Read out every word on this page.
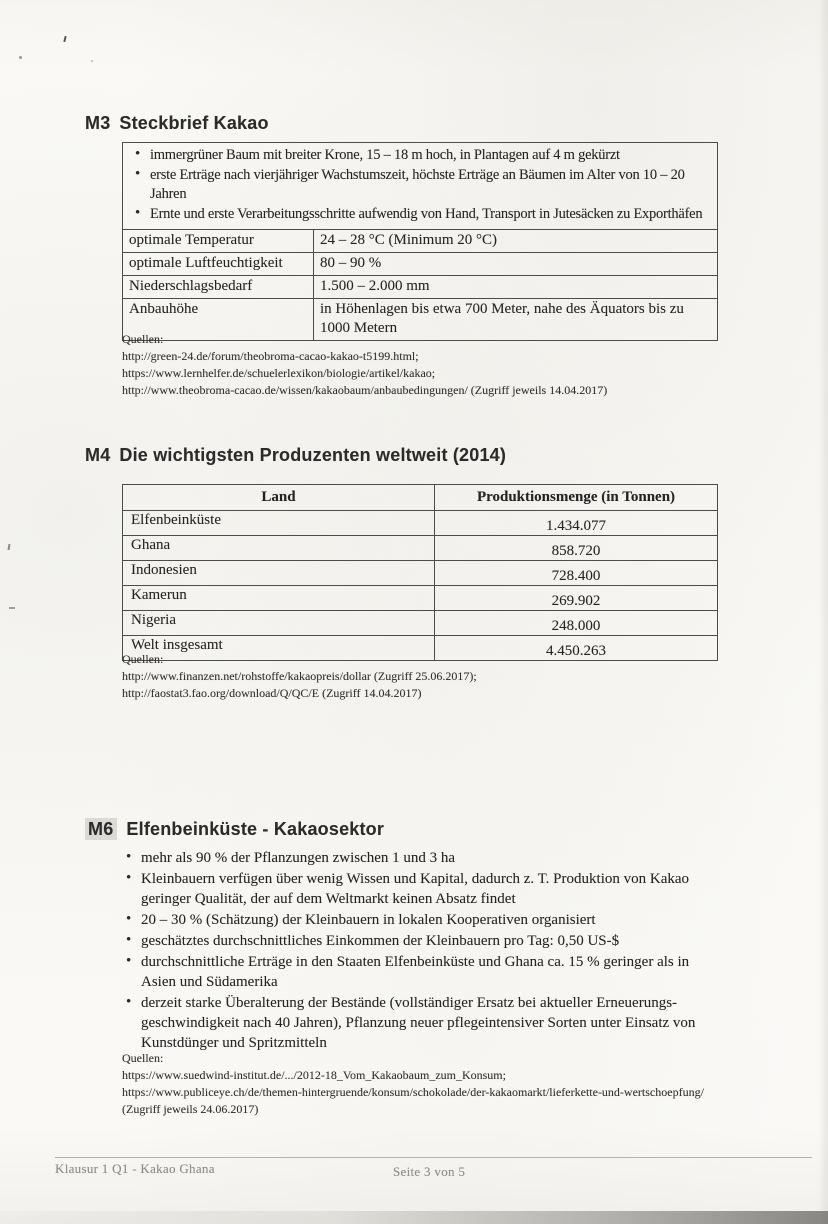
M3 Steckbrief Kakao
• immergrüner Baum mit breiter Krone, 15 – 18 m hoch, in Plantagen auf 4 m gekürzt
• erste Erträge nach vierjähriger Wachstumszeit, höchste Erträge an Bäumen im Alter von 10 – 20 Jahren
• Ernte und erste Verarbeitungsschritte aufwendig von Hand, Transport in Jutesäcken zu Exporthäfen

optimale Temperatur	24 – 28 °C (Minimum 20 °C)
optimale Luftfeuchtigkeit	80 – 90 %
Niederschlagsbedarf	1.500 – 2.000 mm
Anbauhöhe	in Höhenlagen bis etwa 700 Meter, nahe des Äquators bis zu 1000 Metern
Quellen:
http://green-24.de/forum/theobroma-cacao-kakao-t5199.html;
https://www.lernhelfer.de/schuelerlexikon/biologie/artikel/kakao;
http://www.theobroma-cacao.de/wissen/kakaobaum/anbaubedingungen/ (Zugriff jeweils 14.04.2017)
M4 Die wichtigsten Produzenten weltweit (2014)
Land	Produktionsmenge (in Tonnen)
Elfenbeinküste	1.434.077
Ghana	858.720
Indonesien	728.400
Kamerun	269.902
Nigeria	248.000
Welt insgesamt	4.450.263
Quellen:
http://www.finanzen.net/rohstoffe/kakaopreis/dollar (Zugriff 25.06.2017);
http://faostat3.fao.org/download/Q/QC/E (Zugriff 14.04.2017)
M6 Elfenbeinküste - Kakaosektor
• mehr als 90 % der Pflanzungen zwischen 1 und 3 ha
• Kleinbauern verfügen über wenig Wissen und Kapital, dadurch z. T. Produktion von Kakao geringer Qualität, der auf dem Weltmarkt keinen Absatz findet
• 20 – 30 % (Schätzung) der Kleinbauern in lokalen Kooperativen organisiert
• geschätztes durchschnittliches Einkommen der Kleinbauern pro Tag: 0,50 US-$
• durchschnittliche Erträge in den Staaten Elfenbeinküste und Ghana ca. 15 % geringer als in Asien und Südamerika
• derzeit starke Überalterung der Bestände (vollständiger Ersatz bei aktueller Erneuerungs-geschwindigkeit nach 40 Jahren), Pflanzung neuer pflegeintensiver Sorten unter Einsatz von Kunstdünger und Spritzmitteln
Quellen:
https://www.suedwind-institut.de/.../2012-18_Vom_Kakaobaum_zum_Konsum;
https://www.publiceye.ch/de/themen-hintergruende/konsum/schokolade/der-kakaomarkt/lieferkette-und-wertschoepfung/ (Zugriff jeweils 24.06.2017)
Klausur 1 Q1 - Kakao Ghana	Seite 3 von 5
